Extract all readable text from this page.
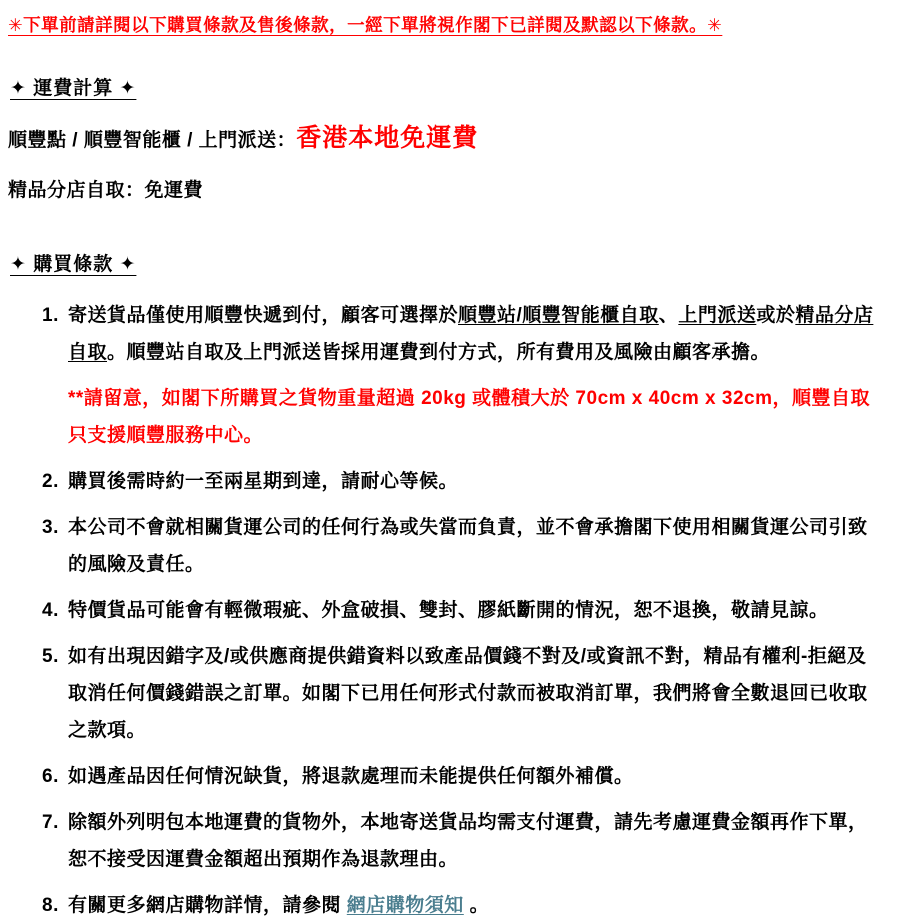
✳下單前請詳閱以下購買條款及售後條款，一經下單將視作閣下已詳閱及默認以下條款。✳

✦ 運費計算 ✦

順豐點 / 順豐智能櫃 / 上門派送：香港本地免運費

精品分店自取：免運費

✦ 購買條款 ✦
1. 寄送貨品僅使用順豐快遞到付，顧客可選擇於順豐站/順豐智能櫃自取、上門派送或於精品分店自取。順豐站自取及上門派送皆採用運費到付方式，所有費用及風險由顧客承擔。
**請留意，如閣下所購買之貨物重量超過 20kg 或體積大於 70cm x 40cm x 32cm，順豐自取只支援順豐服務中心。
2. 購買後需時約一至兩星期到達，請耐心等候。
3. 本公司不會就相關貨運公司的任何行為或失當而負責，並不會承擔閣下使用相關貨運公司引致的風險及責任。
4. 特價貨品可能會有輕微瑕疵、外盒破損、雙封、膠紙斷開的情況，恕不退換，敬請見諒。
5. 如有出現因錯字及/或供應商提供錯資料以致產品價錢不對及/或資訊不對，精品有權利-拒絕及取消任何價錢錯誤之訂單。如閣下已用任何形式付款而被取消訂單，我們將會全數退回已收取之款項。
6. 如遇產品因任何情況缺貨，將退款處理而未能提供任何額外補償。
7. 除額外列明包本地運費的貨物外，本地寄送貨品均需支付運費，請先考慮運費金額再作下單，恕不接受因運費金額超出預期作為退款理由。
8. 有關更多網店購物詳情，請參閱 網店購物須知 。
